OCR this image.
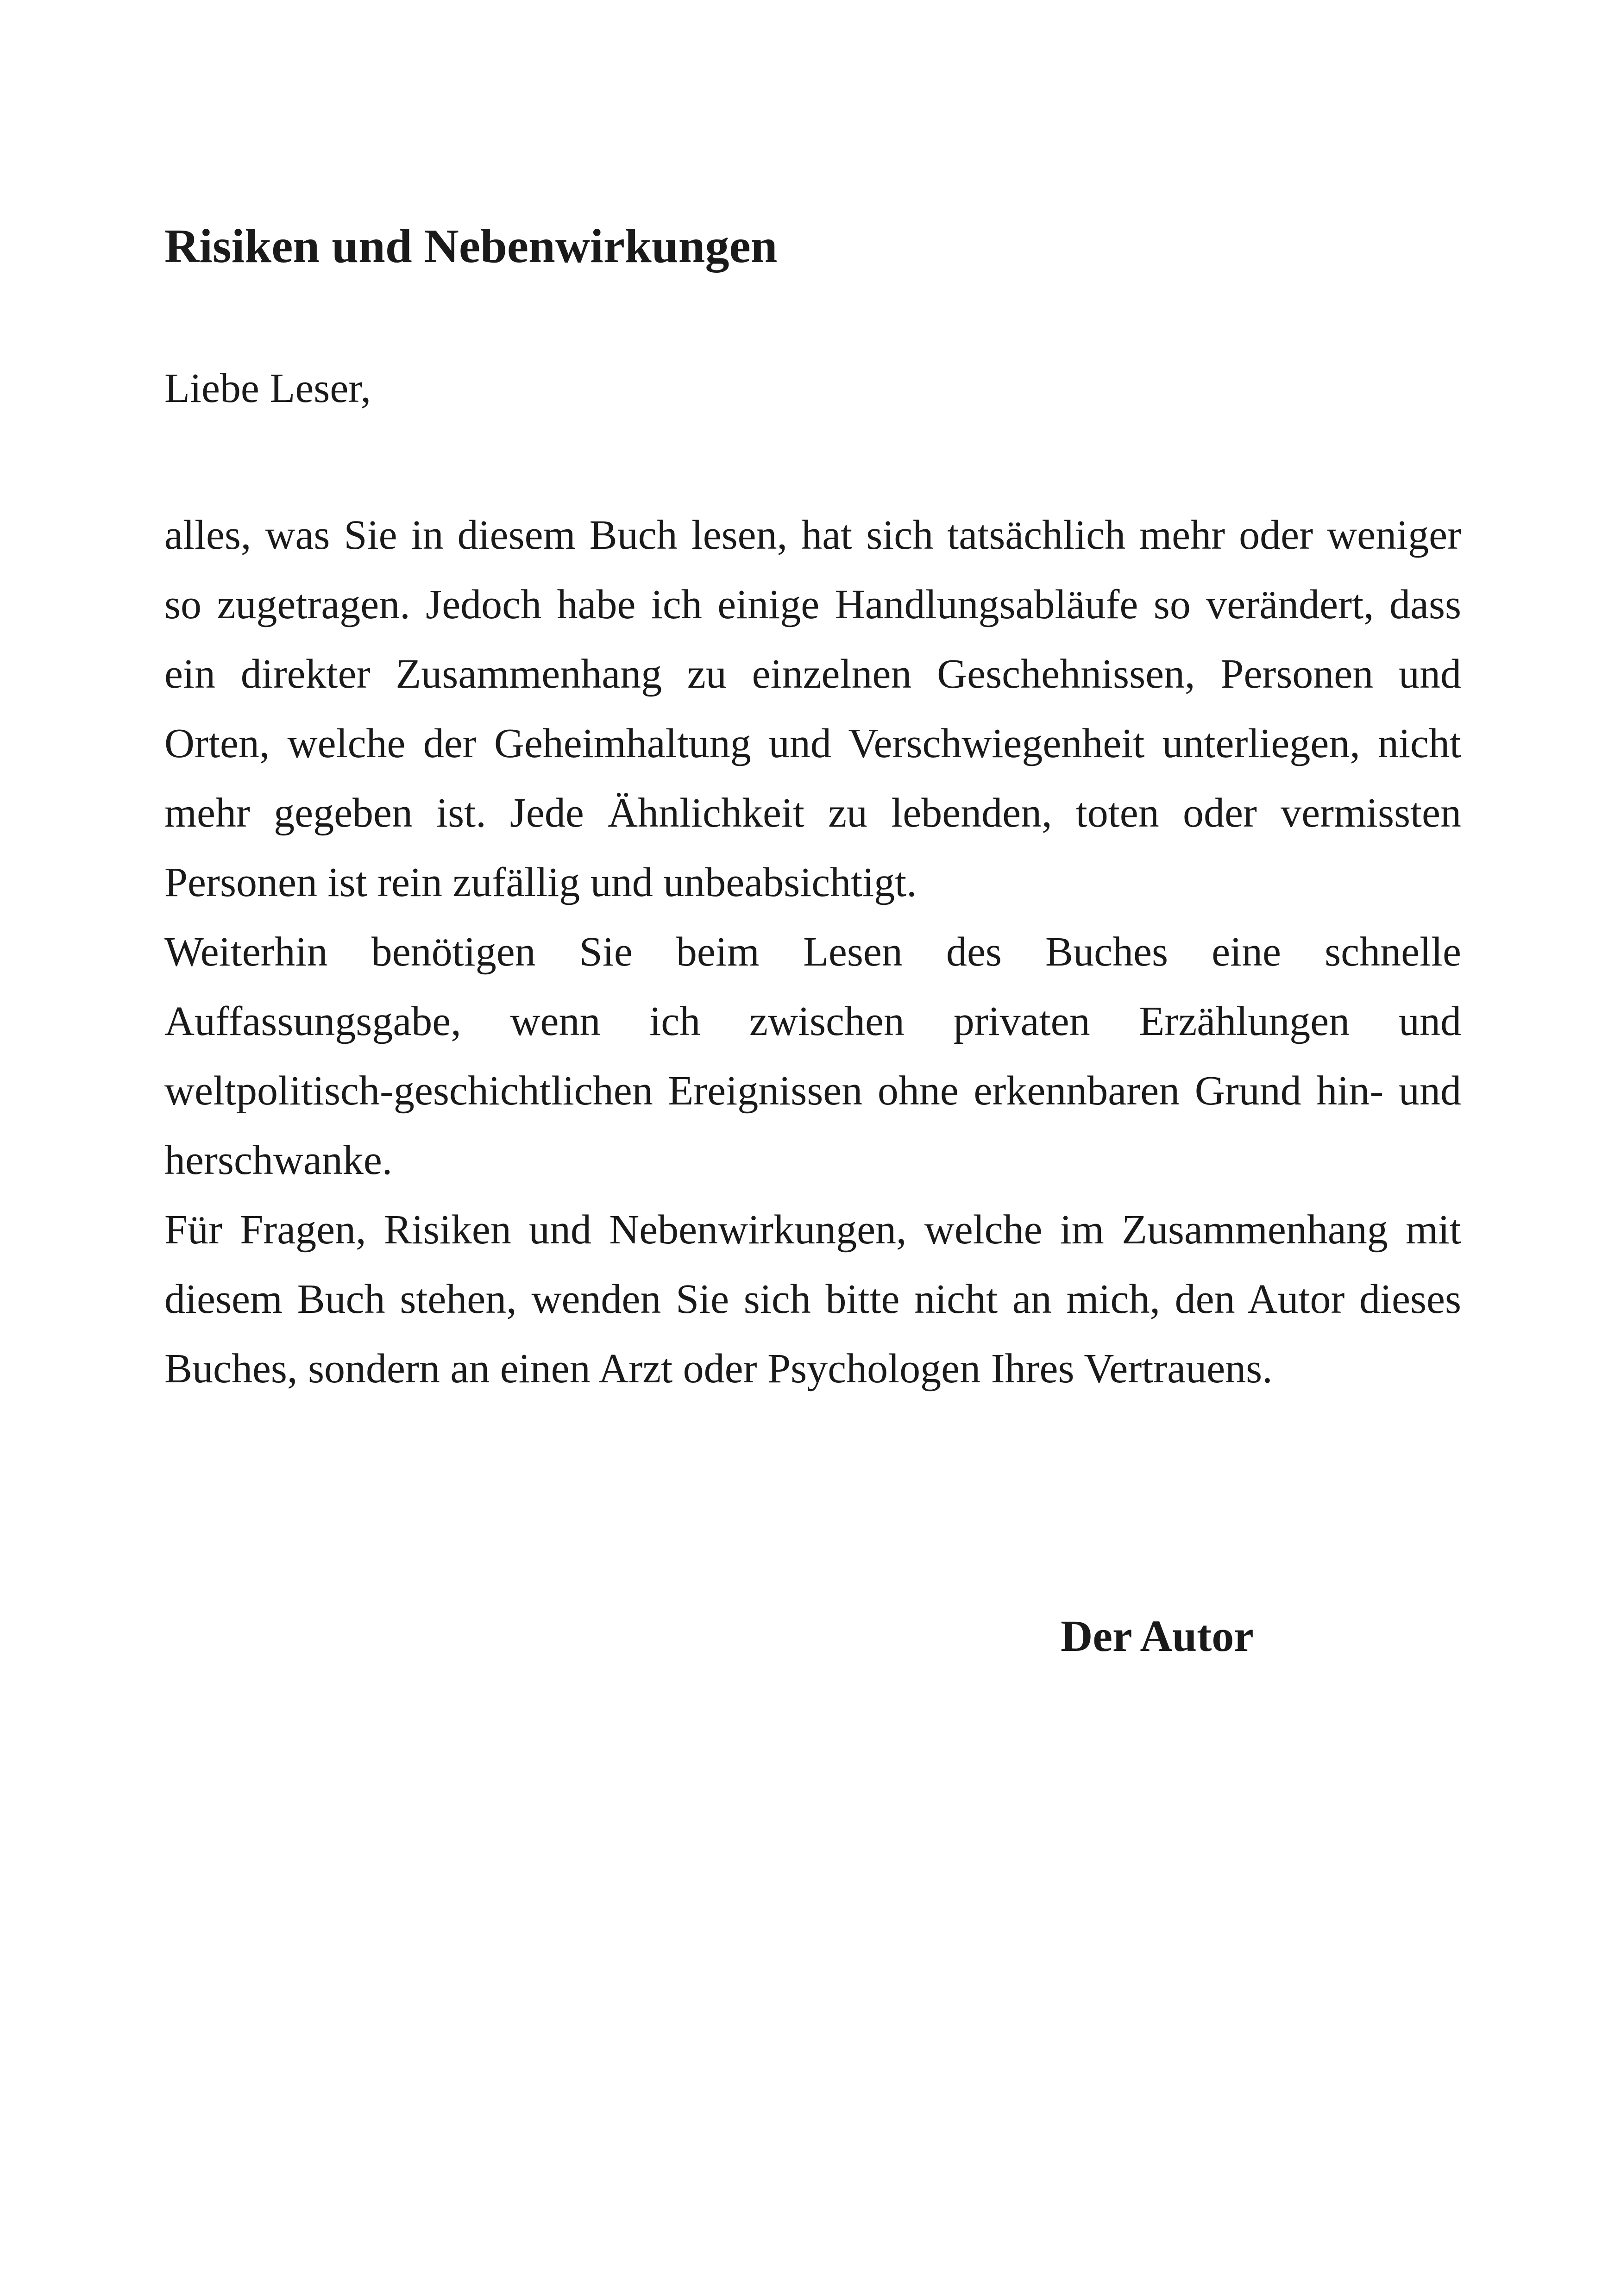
Risiken und Nebenwirkungen

Liebe Leser,

alles, was Sie in diesem Buch lesen, hat sich tatsächlich mehr oder weniger so zugetragen. Jedoch habe ich einige Handlungsabläufe so verändert, dass ein direkter Zusammenhang zu einzelnen Geschehnissen, Personen und Orten, welche der Geheimhaltung und Verschwiegenheit unterliegen, nicht mehr gegeben ist. Jede Ähnlichkeit zu lebenden, toten oder vermissten Personen ist rein zufällig und unbeabsichtigt.

Weiterhin benötigen Sie beim Lesen des Buches eine schnelle Auffassungsgabe, wenn ich zwischen privaten Erzählungen und weltpolitisch-geschichtlichen Ereignissen ohne erkennbaren Grund hin- und herschwanke.

Für Fragen, Risiken und Nebenwirkungen, welche im Zusammenhang mit diesem Buch stehen, wenden Sie sich bitte nicht an mich, den Autor dieses Buches, sondern an einen Arzt oder Psychologen Ihres Vertrauens.

Der Autor
